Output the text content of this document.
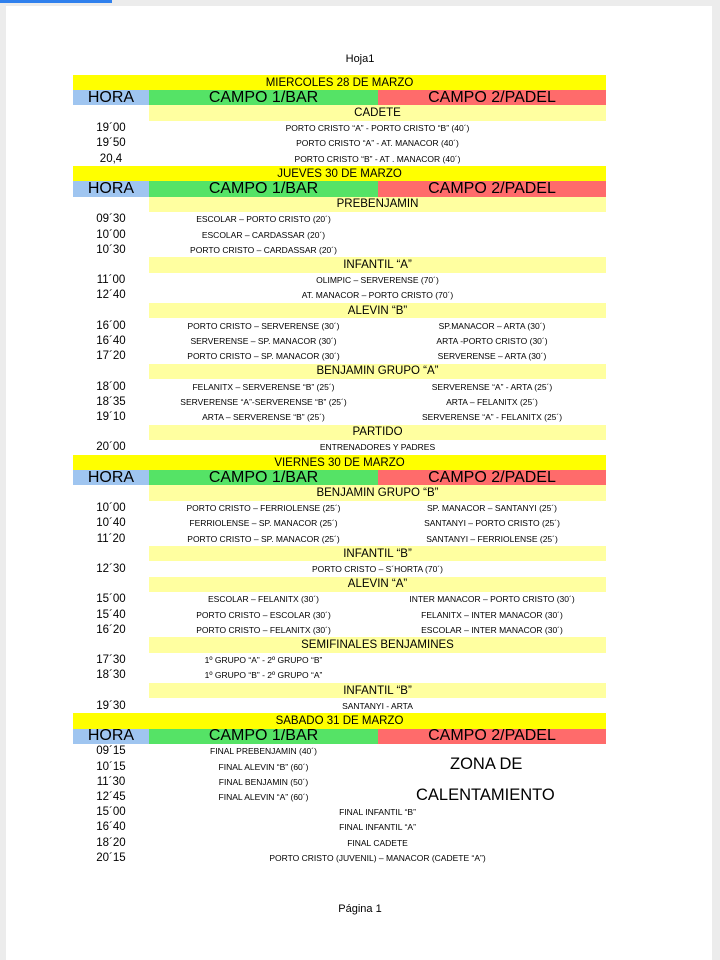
Hoja1
MIERCOLES 28 DE MARZO
HORA	CAMPO 1/BAR	CAMPO 2/PADEL
CADETE
19´00	PORTO CRISTO “A” - PORTO CRISTO “B” (40´)
19´50	PORTO CRISTO “A” - AT. MANACOR (40´)
20,4	PORTO CRISTO “B” - AT . MANACOR (40´)
JUEVES 30 DE MARZO
HORA	CAMPO 1/BAR	CAMPO 2/PADEL
PREBENJAMIN
09´30	ESCOLAR – PORTO CRISTO (20´)
10´00	ESCOLAR – CARDASSAR (20´)
10´30	PORTO CRISTO – CARDASSAR (20´)
INFANTIL “A”
11´00	OLIMPIC – SERVERENSE (70´)
12´40	AT. MANACOR – PORTO CRISTO (70´)
ALEVIN “B”
16´00	PORTO CRISTO – SERVERENSE (30´)	SP.MANACOR – ARTA (30´)
16´40	SERVERENSE – SP. MANACOR (30´)	ARTA -PORTO CRISTO (30´)
17´20	PORTO CRISTO – SP. MANACOR (30´)	SERVERENSE – ARTA (30´)
BENJAMIN GRUPO “A”
18´00	FELANITX – SERVERENSE “B” (25´)	SERVERENSE “A” - ARTA (25´)
18´35	SERVERENSE “A”-SERVERENSE “B” (25´)	ARTA – FELANITX (25´)
19´10	ARTA – SERVERENSE “B” (25´)	SERVERENSE “A” - FELANITX (25´)
PARTIDO
20´00	ENTRENADORES Y PADRES
VIERNES 30 DE MARZO
HORA	CAMPO 1/BAR	CAMPO 2/PADEL
BENJAMIN GRUPO “B”
10´00	PORTO CRISTO – FERRIOLENSE (25´)	SP. MANACOR – SANTANYI (25´)
10´40	FERRIOLENSE – SP. MANACOR (25´)	SANTANYI – PORTO CRISTO (25´)
11´20	PORTO CRISTO – SP. MANACOR (25´)	SANTANYI – FERRIOLENSE (25´)
INFANTIL “B”
12´30	PORTO CRISTO – S´HORTA (70´)
ALEVIN “A”
15´00	ESCOLAR – FELANITX (30´)	INTER MANACOR – PORTO CRISTO (30´)
15´40	PORTO CRISTO – ESCOLAR (30´)	FELANITX – INTER MANACOR (30´)
16´20	PORTO CRISTO – FELANITX (30´)	ESCOLAR – INTER MANACOR (30´)
SEMIFINALES BENJAMINES
17´30	1º GRUPO “A” - 2º GRUPO “B”
18´30	1º GRUPO “B” - 2º GRUPO “A”
INFANTIL “B”
19´30	SANTANYI - ARTA
SABADO 31 DE MARZO
HORA	CAMPO 1/BAR	CAMPO 2/PADEL
09´15	FINAL PREBENJAMIN (40´)
10´15	FINAL ALEVIN “B” (60´)
11´30	FINAL BENJAMIN (50´)
12´45	FINAL ALEVIN “A” (60´)
15´00	FINAL INFANTIL “B”
16´40	FINAL INFANTIL “A”
18´20	FINAL CADETE
20´15	PORTO CRISTO (JUVENIL) – MANACOR (CADETE “A”)
ZONA DE
CALENTAMIENTO
Página 1
